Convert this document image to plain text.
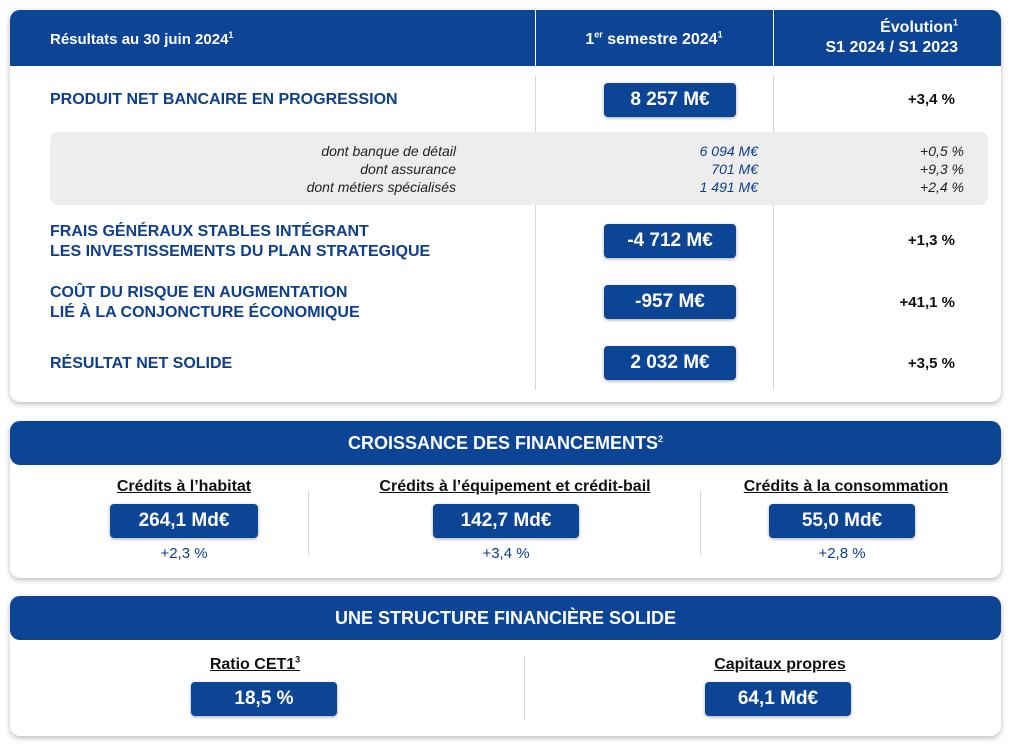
Résultats au 30 juin 2024$^1$	1er semestre 2024$^1$	Évolution$^1$
S1 2024 / S1 2023
PRODUIT NET BANCAIRE EN PROGRESSION	8 257 M€	+3,4 %
dont banque de détail	6 094 M€	+0,5 %
dont assurance	701 M€	+9,3 %
dont métiers spécialisés	1 491 M€	+2,4 %
FRAIS GÉNÉRAUX STABLES INTÉGRANT
LES INVESTISSEMENTS DU PLAN STRATEGIQUE
-4 712 M€	+1,3 %
COÛT DU RISQUE EN AUGMENTATION
LIÉ À LA CONJONCTURE ÉCONOMIQUE
-957 M€	+41,1 %
RÉSULTAT NET SOLIDE	2 032 M€	+3,5 %
CROISSANCE DES FINANCEMENTS$^2$
Crédits à l’habitat
264,1 Md€
+2,3 %
Crédits à l’équipement et crédit-bail
142,7 Md€
+3,4 %
Crédits à la consommation
55,0 Md€
+2,8 %
UNE STRUCTURE FINANCIÈRE SOLIDE
Ratio $CET1^3$
18,5 %
Capitaux propres
64,1 Md€
